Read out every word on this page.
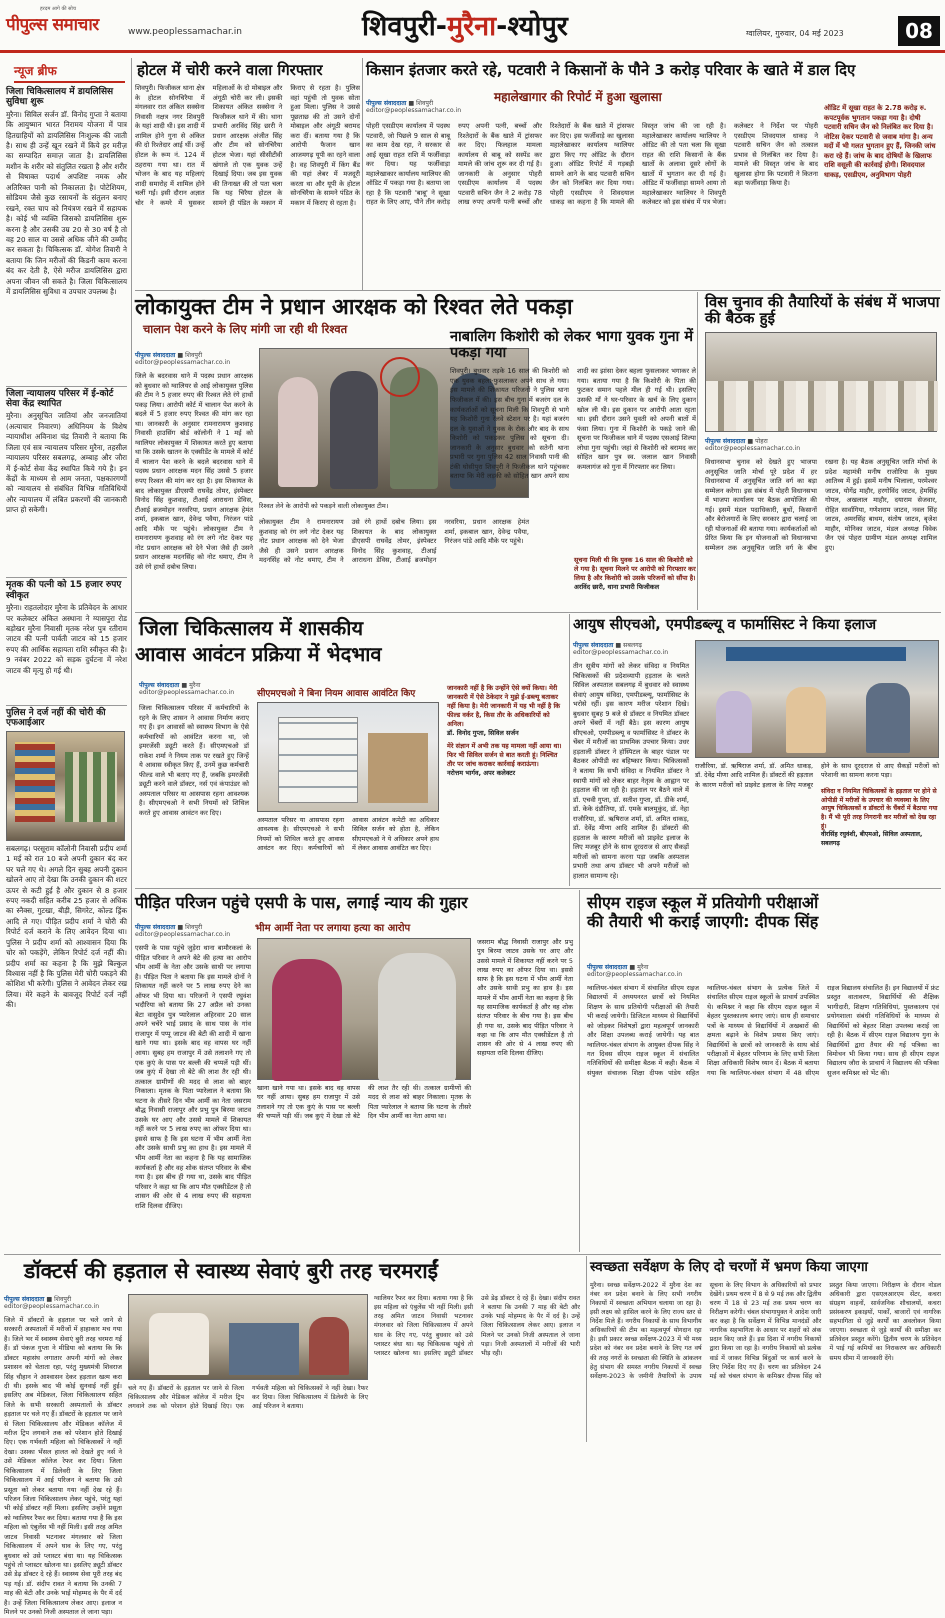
हरदम आगे की सोच
पीपुल्स समाचार	www.peoplessamachar.in	शिवपुरी-मुरैना-श्योपुर	ग्वालियर, गुरुवार, 04 मई 2023	08
न्यूज ब्रीफ
जिला चिकित्सालय में डायलिसिस सुविधा शुरू
मुरैना। सिविल सर्जन डॉ. विनोद गुप्ता ने बताया कि आयुष्मान भारत निरामय योजना में पात्र हितग्राहियों को डायलिसिस निःशुल्क की जाती है। साथ ही उन्हें खून रखने में किये हर मरीज़ का सम्पादित समाज़ जाता है। डायलिसिस मशीन के शरीर को संतुलित रखता है और शरीर से विषाक्त पदार्थ अपशिष्ट नमक और अतिरिक्त पानी को निकालता है। पोटेशियम, सोडियम जैसे कुछ रसायनों के संतुलन बनाए रखने, रक्त चाप को नियंत्रण रखने में सहायक है। कोई भी व्यक्ति जिसको डायलिसिस शुरू करना है और उसकी उम्र 20 से 30 वर्ष है तो वह 20 साल या उससे अधिक जीने की उम्मीद कर सकता है। चिकित्सक डॉ. योगेश तिवारी ने बताया कि जिन मरीजों की किडनी काम करना बंद कर देती है, ऐसे मरीज डायलिसिस द्वारा अपना जीवन जी सकते है। जिला चिकित्सालय में डायलिसिस सुविधा व उपचार उपलब्ध है।
जिला न्यायालय परिसर में ई-कोर्ट सेवा केंद्र स्थापित
मुरैना। अनुसूचित जातियां और जनजातियां (अत्याचार निवारण) अधिनियम के विशेष न्यायाधीश अविनाश चंद्र तिवारी ने बताया कि जिला एवं सत्र न्यायालय परिसर मुरैना, तहसील न्यायालय परिसर सबलगढ़, अम्बाह और जौरा में ई-कोर्ट सेवा केंद्र स्थापित किये गये है। इन केंद्रों के माध्यम से आम जनता, पक्षकारगणों को न्यायालय से संबंधित विभिन्न गतिविधियों और न्यायालय में लंबित प्रकरणों की जानकारी प्राप्त हो सकेगी।
मृतक की पत्नी को 15 हजार रुपए स्वीकृत
मुरैना। राहतलोदार मुरैना के प्रतिवेदन के आधार पर कलेक्टर अंकित अस्थाना ने ग्यासपुरा रोड बड़ोखर मुरैना निवासी मृतक नरेश पुत्र रतीराम जाटव की पत्नी पार्वती जाटव को 15 हजार रुपए की आर्थिक सहायता राशि स्वीकृत की है। 9 नवंबर 2022 को सड़क दुर्घटना में नरेश जाटव की मृत्यु हो गई थी।
पुलिस ने दर्ज नहीं की चोरी की एफआईआर
सबलगढ़। परसूराम कॉलोनी निवासी प्रदीप शर्मा 1 मई को रात 10 बजे अपनी दुकान बंद कर घर चले गए थे। अगले दिन सुबह अपनी दुकान खोलने आए तो देखा कि उनकी दुकान की शटर ऊपर से कटी हुई है और दुकान से 8 हजार रुपए नकदी सहित करीब 25 हजार से अधिक का स्नैक्स, गुटखा, बीड़ी, सिगरेट, कोल्ड ड्रिंक आदि ले गए। पीड़ित प्रदीप शर्मा ने चोरी की रिपोर्ट दर्ज कराने के लिए आवेदन दिया था। पुलिस ने प्रदीप शर्मा को आश्वासन दिया कि चोर को पकड़ेंगे, लेकिन रिपोर्ट दर्ज नहीं की। प्रदीप शर्मा का कहना है कि मुझे बिल्कुल विश्वास नहीं है कि पुलिस मेरी चोरी पकड़ने की कोशिश भी करेगी। पुलिस ने आवेदन लेकर रख लिया। मेरे कहने के बावजूद रिपोर्ट दर्ज नहीं की।
होटल में चोरी करने वाला गिरफ्तार
शिवपुरी। फिजीकल थाना क्षेत्र के होटल सोनचिरैया में मंगलवार रात अंकित सक्सेना निवासी नक्षत्र नगर शिवपुरी के यहां शादी थी। इस शादी में शामिल होने गुना से अंकित की दो रिश्तेदार आई थीं। उन्हें होटल के रूम नं. 124 में ठहराया गया था। रात में भोजन के बाद यह महिलाएं शादी समारोह में शामिल होने चलीं गईं। इसी दौरान अज्ञात चोर ने कमरे में घुसकर महिलाओं के दो मोबाइल और अंगूठी चोरी कर ली। इसकी शिकायत अंकित सक्सेना ने फिजीकल थाने में की। थाना प्रभारी अरविंद सिंह छारी ने प्रधान आरक्षक अंजीत सिंह और टीम को सोनचिरैया होटल भेजा। यहां सीसीटीवी खंगाले तो एक युवक उन्हें दिखाई दिया। जब इस युवक की तिनाख्त की तो पता चला कि यह चिरैया होटल के सामने ही पंडित के मकान में किराए से रहता है। पुलिस वहां पहुंची तो युवक सोता हुआ मिला। पुलिस ने उससे पूछताछ की तो उसने दोनों मोबाइल और अंगूठी बरामद करा दीं। बताया गया है कि आरोपी फैजान खान आजमगढ़ यूपी का रहने वाला है। वह शिवपुरी में किंग बैंड की यहां लेबर में मजदूरी करता था और यूपी के होटल सोनचिरैया के सामने पंडित के मकान में किराए से रहता है।
किसान इंतजार करते रहे, पटवारी ने किसानों के पौने 3 करोड़ परिवार के खाते में डाल दिए
पीपुल्स संवाददाता ■ शिवपुरी
editor@peoplessamachar.co.in
महालेखागार की रिपोर्ट में हुआ खुलासा
पोहरी एसडीएम कार्यालय में पदस्थ पटवारी, जो पिछले 9 साल से बाबू का काम देख रहा, ने सरकार से आई सूखा राहत राशि में फर्जीवाड़ा कर दिया। यह फर्जीवाड़ा महालेखाकार कार्यालय ग्वालियर की ऑडिट में पकड़ा गया है। बताया जा रहा है कि पटवारी 'बाबू' ने सूखा राहत के लिए आए, पौने तीन करोड़ रुपए अपनी पत्नी, बच्चों और रिश्तेदारों के बैंक खाते में ट्रांसफर कर दिए। फिलहाल मामला कार्यालय से बाबू को सस्पेंड कर मामले की जांच शुरू कर दी गई है। जानकारी के अनुसार पोहरी एसडीएम कार्यालय में पदस्थ पटवारी सचिन जैन ने 2 करोड़ 78 लाख रुपए अपनी पत्नी बच्चों और रिश्तेदारों के बैंक खाते में ट्रांसफर कर दिए। इस फर्जीवाड़े का खुलासा महालेखाकार कार्यालय ग्वालियर द्वारा किए गए ऑडिट के दौरान हुआ। ऑडिट रिपोर्ट में गड़बड़ी सामने आने के बाद पटवारी सचिन जैन को निलंबित कर दिया गया। पोहरी एसडीएम ने शिवदयाल धाकड़ का कहना है कि मामले की विस्तृत जांच की जा रही है। महालेखाकार कार्यालय ग्वालियर ने ऑडिट की तो पता चला कि सूखा राहत की राशि किसानों के बैंक खातों के अलावा दूसरे लोगों के खातों में भुगतान कर दी गई है। ऑडिट में फर्जीवाड़ा सामने आया तो महालेखाकार ग्वालियर ने शिवपुरी कलेक्टर को इस संबंध में पत्र भेजा। कलेक्टर ने निर्देश पर पोहरी एसडीएम शिवदयाल धाकड़ ने पटवारी सचिन जैन को तत्काल प्रभाव से निलंबित कर दिया है। मामले की विस्तृत जांच के बाद खुलासा होगा कि पटवारी ने कितना बड़ा फर्जीवाड़ा किया है।
ऑडिट में सूखा राहत के 2.78 करोड़ रु. कपटपूर्वक भुगतान पकड़ा गया है। दोषी पटवारी सचिन जैन को निलंबित कर दिया है। नोटिस देकर पटवारी से जवाब मांगा है। अन्य मदों में भी गलत भुगतान हुए हैं, जिनकी जांच करा रहे हैं। जांच के बाद दोषियों के खिलाफ राशि वसूली की कार्रवाई होगी। शिवदयाल धाकड़, एसडीएम, अनुविभाग पोहरी
लोकायुक्त टीम ने प्रधान आरक्षक को रिश्वत लेते पकड़ा
चालान पेश करने के लिए मांगी जा रही थी रिश्वत
पीपुल्स संवाददाता ■ शिवपुरी
editor@peoplessamachar.co.in
जिले के बदरवास थाने में पदस्थ प्रधान आरक्षक को बुधवार को ग्वालियर से आई लोकायुक्त पुलिस की टीम ने 5 हजार रुपए की रिश्वत लेते रंगे हाथों पकड़ लिया। आरोपी कोर्ट में चालान पेश करने के बदले में 5 हजार रुपए रिश्वत की मांग कर रहा था। जानकारी के अनुसार रामनारायण कुशवाह निवासी हाउसिंग बोर्ड कॉलोनी ने 1 मई को ग्वालियर लोकायुक्त में शिकायत करते हुए बताया था कि उसके खातन के एक्सीडेंट के मामले में कोर्ट में चालान पेश करने के बदले बदरवास थाने में पदस्थ प्रधान आरक्षक मदन सिंह उससे 5 हजार रुपए रिश्वत की मांग कर रहा है। इस शिकायत के बाद लोकायुक्त डीएसपी राघवेंद्र तोमर, इंस्पेक्टर विनोद सिंह कुशवाह, टीआई आराधना डेविस, टीआई ब्रजमोहन नरवरिया, प्रधान आरक्षक हेमंत शर्मा, इकबाल खान, देवेन्द्र पवैया, निरंजन पांडे आदि मौके पर पहुंचे। लोकायुक्त टीम ने रामनारायण कुशवाह को रंग लगे नोट देकर यह नोट प्रधान आरक्षक को देने भेजा जैसे ही उसने प्रधान आरक्षक मदनसिंह को नोट थमाए, टीम ने उसे रंगे हाथों दबोच लिया।
रिश्वत लेने के आरोपी को पकड़ने वाली लोकायुक्त टीम।
लोकायुक्त टीम ने रामनारायण कुशवाह को रंग लगे नोट देकर यह नोट प्रधान आरक्षक को देने भेजा जैसे ही उसने प्रधान आरक्षक मदनसिंह को नोट थमाए, टीम ने उसे रंगे हाथों दबोच लिया। इस शिकायत के बाद लोकायुक्त डीएसपी राघवेंद्र तोमर, इंस्पेक्टर विनोद सिंह कुशवाह, टीआई आराधना डेविस, टीआई ब्रजमोहन नरवरिया, प्रधान आरक्षक हेमंत शर्मा, इकबाल खान, देवेन्द्र पवैया, निरंजन पांडे आदि मौके पर पहुंचे।
नाबालिग किशोरी को लेकर भागा युवक गुना में पकड़ा गया
शिवपुरी। बुधवार तड़के 16 साल की किशोरी को एक युवक बहला-फुसलाकर अपने साथ ले गया। इस मामले की शिकायत परिजनों ने पुलिस थाना फिजीकल में की। इस बीच गुना में बजरंग दल के कार्यकर्ताओं को सूचना मिली कि शिवपुरी से भागे यह किशोरी गुना रेलवे स्टेशन पर है। यहां बजरंग दल के युवाओं ने युवक के रोक और बाद के साथ किशोरी को पकड़कर पुलिस को सूचना दी। जानकारी के अनुसार बुधवार को सतेनी थाना प्रभारी पर गुना पुलिस 42 साल निवासी पानी की टंकी घोसीपुरा शिवपुरी ने फिजीकल थाने पहुंचकर बताया कि मेरी लड़की को सोहित खान अपने साथ शादी का झांसा देकर बहला फुसलाकर भगाकर ले गया। बताया गया है कि किशोरी के पिता की फुटकर समान पहले मील ही गई थी। इसलिए उसकी माँ ने घर-परिवार के खर्च के लिए दुकान खोल ली थी। इस दुकान पर आरोपी आता रहता था। इसी दौरान उसने युवती को अपनी बातों में फंसा लिया। गुना में किशोरी के पकड़े जाने की सूचना पर फिजीकल थाने में पदस्थ एसआई शिल्पा लोधा गुना पहुंची। जहां से किशोरी को बरामद कर सोहित खान पुत्र स्व. जलाल खान निवासी कमलागंज को गुना में गिरफ्तार कर लिया।
सूचना मिली थी कि युवक 16 साल की किशोरी को ले गया है। सूचना मिलने पर आरोपी को गिरफ्तार कर लिया है और किशोरी को उसके परिजनों को सौंपा है।
अरविंद छारी, थाना प्रभारी फिजीकल
विस चुनाव की तैयारियों के संबंध में भाजपा की बैठक हुई
पीपुल्स संवाददाता ■ पोहरा
editor@peoplessamachar.co.in
विधानसभा चुनाव को देखते हुए भाजपा अनुसूचित जाति मोर्चा पूरे प्रदेश में हर विधानसभा में अनुसूचित जाति वर्ग का बड़ा सम्मेलन करेगा। इस संबंध में पोहरी विधानसभा में भाजपा कार्यालय पर बैठक आयोजित की गई। इसमें मंडल पदाधिकारी, बूथों, किसानों और बेरोजगारों के लिए सरकार द्वारा चलाई जा रही योजनाओं की बताया गया। कार्यकर्ताओं को प्रेरित किया कि इन योजनाओं को विधानसभा सम्मेलन तक अनुसूचित जाति वर्ग के बीच रखना है। यह बैठक अनुसूचित जाति मोर्चा के प्रदेश महामंत्री मनीष राजोरिया के मुख्य आतिथ्य में हुई। इसमें मनीष भिलाला, परमेश्वर जाटव, योगेंद्र माहौर, हरगोविंद जाटव, हेमसिंह गोयल, अखलाल माहौर, दयाराम सेजवार, रोहित सार्वागिया, गणेशराम जाटव, नवल सिंह जाटव, अमरसिंह बाथम, संतोष जाटव, बृजेश माहौर, मोनिका जाटव, मंडल अध्यक्ष विवेक जैन एवं पोहरा ग्रामीण मंडल अध्यक्ष शामिल हुए।
जिला चिकित्सालय में शासकीय
आवास आवंटन प्रक्रिया में भेदभाव
पीपुल्स संवाददाता ■ मुरैना
editor@peoplessamachar.co.in	सीएमएचओ ने बिना नियम आवास आवंटित किए
जिला चिकित्सालय परिसर में कर्मचारियों के रहने के लिए शासन ने आवास निर्माण कराए गए हैं। इन आवासों को स्वास्थ्य विभाग के ऐसे कर्मचारियों को आवंटित करना था, जो इमरजेंसी ड्यूटी करते हैं। सीएमएचओ डॉ राकेश शर्मा ने नियम ताक पर रखते हुए जिन्हें ये आवास स्वीकृत किए हैं, उनमें कुछ कर्मचारी फील्ड वाले भी बताए गए हैं, जबकि इमरजेंसी ड्यूटी करने वाले डॉक्टर, नर्स एवं कंपाउंडर को अस्पताल परिसर या आसपास रहना आवश्यक है। सीएमएचओ ने सभी नियमों को शिथिल करते हुए आवास आवंटन कर दिए।
अस्पताल परिसर या आसपास रहना आवश्यक है। सीएमएचओ ने सभी नियमों को शिथिल करते हुए आवास आवंटन कर दिए। कर्मचारियों को आवास आवंटन कमेटी का अधिकार सिविल सर्जन को होता है, लेकिन सीएमएचओ ने ये अधिकार अपने हाथ में लेकर आवास आवंटित कर दिए।
जानकारी नहीं है कि उन्होंने ऐसे क्यों किया। मेरी जानकारी में ऐसे ठेकेदार ने मुझे ई-डब्ल्यू बताकर नहीं किया है। मेरी जानकारी में यह भी नहीं है कि फील्ड वर्कर है, किस तौर के अधिकारियों को अनिल।
डॉ. विनोद गुप्ता, सिविल सर्जन
मेरे संज्ञान में अभी तक यह मामला नहीं आया था। फिर भी सिविल सर्जन से बात करती हूं। निश्चित तौर पर जांच कराकर कार्रवाई कराऊंगा।
नरोत्तम भार्गव, अपर कलेक्टर
आयुष सीएचओ, एमपीडब्ल्यू व फार्मासिस्ट ने किया इलाज
पीपुल्स संवाददाता ■ सबलगढ़
editor@peoplessamachar.co.in
तीन सूत्रीय मांगों को लेकर संविदा व नियमित चिकित्सकों की प्रदेशव्यापी हड़ताल के चलते सिविल अस्पताल सबलगढ़ में बुधवार को स्वास्थ्य सेवाएं आयुष संविदा, एमपीडब्ल्यू, फार्मासिस्ट के भरोसे रहीं। इस कारण मरीज परेशान दिखे। बुधवार सुबह 9 बजे से डॉक्टर व नियमित डॉक्टर अपने चेंबरों में नहीं बैठे। इस कारण आयुष सीएचओ, एमपीडब्ल्यू व फार्मासिस्ट ने डॉक्टर के चेंबर में मरीजों का प्राथमिक उपचार किया। उधर हड़ताली डॉक्टर ने हॉस्पिटल के बाहर पंडाल पर बैठकर ओपीडी का बहिष्कार किया। चिकित्सकों ने बताया कि सभी संविदा व नियमित डॉक्टर ने स्थायी मांगों को लेकर बाहर नेतृत्व के आह्वान पर हड़ताल की जा रही है। हड़ताल पर बैठने वाले में डॉ. एचवी गुप्ता, डॉ. सतीश गुप्ता, डॉ. डीके शर्मा, डॉ. केके दंडौतिया, डॉ. एमके बालमुकुंद, डॉ. नेहा राजौरिया, डॉ. ऋषिराज शर्मा, डॉ. अमित धाकड़, डॉ. देवेंद्र मीणा आदि शामिल हैं। डॉक्टरों की हड़ताल के कारण मरीजों को प्राइवेट इलाज के लिए मजबूर होने के साथ दूरदराज से आए सैकड़ों मरीजों को सामना करना पड़ा जबकि अस्पताल प्रभारी तथा अन्य डॉक्टर भी अपने मरीजों को हालात सामान्य रहे।
राजौरिया, डॉ. ऋषिराज शर्मा, डॉ. अमित धाकड़, डॉ. देवेंद्र मीणा आदि शामिल हैं। डॉक्टरों की हड़ताल के कारण मरीजों को प्राइवेट इलाज के लिए मजबूर होने के साथ दूरदराज से आए सैकड़ों मरीजों को परेशानी का सामना करना पड़ा।
संविदा व नियमित चिकित्सकों के हड़ताल पर होने से ओपीडी में मरीजों के उपचार की व्यवस्था के लिए आयुष चिकित्सकों व डॉक्टरों के चैंबरों में बैठाया गया है। मैं भी पूरी तरह निगरानी कर मरीजों को देख रहा हूं।
वीरसिंह रघुवंशी, बीएमओ, सिविल अस्पताल, सबलगढ़
पीड़ित परिजन पहुंचे एसपी के पास, लगाई न्याय की गुहार
पीपुल्स संवाददाता ■ शिवपुरी
editor@peoplessamachar.co.in
भीम आर्मी नेता पर लगाया हत्या का आरोप
एसपी के पास पहुंचे जुड़ेरा थाना बामौरकलां के पीड़ित परिवार ने अपने बेटे की हत्या का आरोप भीम आर्मी के नेता और उसके साथी पर लगाया है। पीड़ित पिता ने बताया कि इस मामले दोनों ने शिकायत नहीं करने पर 5 लाख रुपए देने का ऑफर भी दिया था। परिजनों ने एसपी रघुवंश भदौरिया को बताया कि 27 अप्रैल को उनका बेटा वासुदेव पुत्र प्यारेलाल अहिरवार 20 साल अपने चचेरे भाई प्रसाद के साथ पास के गांव राजापुर में पप्पू जाटव की बेटी की शादी में खाना खाने गया था। इसके बाद वह वापस घर नहीं आया। सुबह हम राजापुर में उसे तलाशने गए तो एक कुएं के पास पर बल्ली की चप्पलें पड़ी थीं। जब कुएं में देखा तो बेटे की लाश तैर रही थी। तत्काल ग्रामीणों की मदद से लाश को बाहर निकाला। मृतक के पिता प्यारेलाल ने बताया कि घटना के तीसरे दिन भीम आर्मी का नेता जसराम बौद्ध निवासी राजापुर और प्रभु पुत्र बिरमा जाटव उसके घर आए और उससे मामले में शिकायत नहीं करने पर 5 लाख रुपए का ऑफर दिया था। इससे साफ है कि इस घटना में भीम आर्मी नेता और उसके साथी प्रभु का हाथ है। इस मामले में भीम आर्मी नेता का कहना है कि यह सामाजिक कार्यकर्ता है और वह शोक संतप्त परिवार के बीच गया है। इस बीच ही गया था, उसके बाद पीड़ित परिवार ने कहा था कि आप मौत एक्सीडेंटल है तो शासन की ओर से 4 लाख रुपए की सहायता राशि दिलवा दीजिए।
खाना खाने गया था। इसके बाद वह वापस घर नहीं आया। सुबह हम राजापुर में उसे तलाशने गए तो एक कुएं के पास पर बल्ली की चप्पलें पड़ी थीं। जब कुएं में देखा तो बेटे की लाश तैर रही थी। तत्काल ग्रामीणों की मदद से लाश को बाहर निकाला। मृतक के पिता प्यारेलाल ने बताया कि घटना के तीसरे दिन भीम आर्मी का नेता आया था।
जसराम बौद्ध निवासी राजापुर और प्रभु पुत्र बिरमा जाटव उसके घर आए और उससे मामले में शिकायत नहीं करने पर 5 लाख रुपए का ऑफर दिया था। इससे साफ है कि इस घटना में भीम आर्मी नेता और उसके साथी प्रभु का हाथ है। इस मामले में भीम आर्मी नेता का कहना है कि यह सामाजिक कार्यकर्ता है और वह शोक संतप्त परिवार के बीच गया है। इस बीच ही गया था, उसके बाद पीड़ित परिवार ने कहा था कि आप मौत एक्सीडेंटल है तो शासन की ओर से 4 लाख रुपए की सहायता राशि दिलवा दीजिए।
सीएम राइज स्कूल में प्रतियोगी परीक्षाओं
की तैयारी भी कराई जाएगी: दीपक सिंह
पीपुल्स संवाददाता ■ मुरैना
editor@peoplessamachar.co.in
ग्वालियर-चंबल संभाग में संचालित सीएम राइज विद्यालयों में अध्ययनरत छात्रों को नियमित शिक्षण के साथ प्रतियोगी परीक्षाओं की तैयारी भी कराई जायेगी। डिजिटल माध्यम से विद्यार्थियों को जोड़कर विशेषज्ञों द्वारा महत्वपूर्ण जानकारी और शिक्षा उपलब्ध कराई जायेगी। यह बात ग्वालियर-चंबल संभाग के आयुक्त दीपक सिंह ने गत दिवस सीएम राइज स्कूल में संचालित गतिविधियों की समीक्षा बैठक में कही। बैठक में संयुक्त संचालक शिक्षा दीपक पांडेय सहित ग्वालियर-चंबल संभाग के प्रत्येक जिले में संचालित सीएम राइज स्कूलों के प्राचार्य उपस्थित थे। कमिश्नर ने कहा कि सीएम राइज स्कूल में बेहतर पुस्तकालय बनाए जाएं। साथ ही समाचार पत्रों के माध्यम से विद्यार्थियों में अखबारों की क्षमता बढ़ाने के विशेष प्रयास किए जाएं। विद्यार्थियों के छात्रों को जानकारी के साथ बोर्ड परीक्षाओं में बेहतर परिणाम के लिए सभी जिला शिक्षा अधिकारी विशेष ध्यान दें। बैठक में बताया गया कि ग्वालियर-चंबल संभाग में 48 सीएम राइज विद्यालय संचालित हैं। इन विद्यालयों में फ्रंट प्रस्तुत वातावरण, विद्यार्थियों की शैक्षिक भागीदारी, शिक्षण गतिविधियां, पुस्तकालय एवं प्रयोगशाला संबंधी गतिविधियों के माध्यम से विद्यार्थियों को बेहतर शिक्षा उपलब्ध कराई जा रही है। बैठक में सीएम राइज विद्यालय गुना के विद्यार्थियों द्वारा तैयार की गई पत्रिका का विमोचन भी किया गया। साथ ही सीएम राइज विद्यालय जौरा के प्राचार्य ने विद्यालय की पत्रिका सुजन कमिश्नर को भेंट की।
डॉक्टर्स की हड़ताल से स्वास्थ्य सेवाएं बुरी तरह चरमराईं
पीपुल्स संवाददाता ■ शिवपुरी
editor@peoplessamachar.co.in
जिले में डॉक्टरों के हड़ताल पर चले जाने से सरकारी अस्पतालों में मरीजों में हाहाकार मच गया है। जिले भर में स्वास्थ्य सेवाएं बुरी तरह चरमरा गई हैं। डॉ पंकज गुप्ता ने मीडिया को बताया कि कि डॉक्टर महासंघ लगातार अपनी मांगों को लेकर प्रशासन को चेताता रहा, परंतु मुख्यमंत्री शिवराज सिंह चौहान ने आश्वासन देकर हड़ताल खत्म करा दी थी। इसके बाद भी कोई सुनवाई नहीं हुई। इसलिए अब मेडिकल, जिला चिकित्सालय सहित जिले के सभी सरकारी अस्पतालों के डॉक्टर हड़ताल पर चले गए हैं। डॉक्टरों के हड़ताल पर जाने से जिला चिकित्सालय और मेडिकल कॉलेज में मरीज ट्रिप लगवाने तक को परेशान होते दिखाई दिए। एक गर्भवती महिला को चिकित्सकों ने नहीं देखा। उसका भँसल हालत को देखते हुए नर्स ने उसे मेडिकल कॉलेज रेफर कर दिया। जिला चिकित्सालय में डिलेवरी के लिए जिला चिकित्सालय में आई परिजन ने बताया कि उसे प्रसूता को लेकर बताया गया नहीं देख रहे हैं। परिजन जिला चिकित्सालय लेकर पहुंचे, परंतु यहां भी कोई डॉक्टर नहीं मिला। इसलिए उन्होंने प्रसूता को ग्वालियर रैफर कर दिया। बताया गया है कि इस महिला को एंबुलेंस भी नहीं मिली। इसी तरह अमित जाटव निवासी भटनावर मंगलवार को जिला चिकित्सालय में अपने घाव के लिए गए, परंतु बुधवार को उसे प्लास्टर बंधा था। यह चिकित्सक पहुंचे तो प्लास्टर खोलना था। इसलिए ड्यूटी डॉक्टर उसे डेढ़ डॉक्टर दे रहे हैं। स्वास्थ्य सेवा पूरी तरह बंद पड़ गई। डॉ. संदीप रावत ने बताया कि उनकी 7 माह की बेटी और उनके भाई मोहम्मद के पैर में दर्द है। उन्हें जिला चिकित्सालय लेकर आए। इलाज न मिलने पर उनको निजी अस्पताल ले जाना पड़ा।
चले गए हैं। डॉक्टरों के हड़ताल पर जाने से जिला चिकित्सालय और मेडिकल कॉलेज में मरीज ट्रिप लगवाने तक को परेशान होते दिखाई दिए। एक गर्भवती महिला को चिकित्सकों ने नहीं देखा। रैफर कर दिया। जिला चिकित्सालय में डिलेवरी के लिए आई परिजन ने बताया।
ग्वालियर रैफर कर दिया। बताया गया है कि इस महिला को एंबुलेंस भी नहीं मिली। इसी तरह अमित जाटव निवासी भटनावर मंगलवार को जिला चिकित्सालय में अपने घाव के लिए गए, परंतु बुधवार को उसे प्लास्टर बंधा था। यह चिकित्सक पहुंचे तो प्लास्टर खोलना था। इसलिए ड्यूटी डॉक्टर उसे डेढ़ डॉक्टर दे रहे हैं। देखा। संदीप रावत ने बताया कि उनकी 7 माह की बेटी और उनके भाई मोहम्मद के पैर में दर्द है। उन्हें जिला चिकित्सालय लेकर आए। इलाज न मिलने पर उनको निजी अस्पताल ले जाना पड़ा। निजी अस्पतालों में मरीजों की भारी भीड़ रही।
स्वच्छता सर्वेक्षण के लिए दो चरणों में भ्रमण किया जाएगा
मुरैना। स्वच्छ सर्वेक्षण-2022 में मुरैना देश का नंबर वन प्रदेश बनाने के लिए सभी नगरीय निकायों में स्वच्छता अभियान चलाया जा रहा है। इसी लक्ष्य को हासिल करने के लिए राज्य स्तर से निर्देश मिले हैं। नगरीय निकायों के साथ विभागीय अधिकारियों की टीम का महत्वपूर्ण योगदान रहा है। इसी प्रकार स्वच्छ सर्वेक्षण-2023 में भी मध्य प्रदेश को नंबर वन प्रदेश बनाने के लिए गत वर्ष की तरह नगरों के स्वच्छता की स्थिति के आंकलन हेतु संभाग की समस्त नगरीय निकायों में स्वच्छ सर्वेक्षण-2023 के जमीनी तैयारियों के उपाय सूचना के लिए विभाग के अधिकारियों को प्रभार देखेंगे। प्रथम चरण में 8 से 9 मई तक और द्वितीय चरण में 18 से 23 मई तक प्रथम चरण का निरीक्षण करेगी। चंबल संभागायुक्त ने आदेश जारी कर कहा है कि सर्वेक्षण में विभिन्न मानदंडों और नागरिक सहभागिता के आधार पर शहरों को अंक प्रदान किए जाते हैं। इस दिशा में नगरीय निकायों द्वारा किया जा रहा है। नगरीय निकायों को प्रत्येक वार्ड में जाकर विभिन्न बिंदुओं पर कार्य करने के लिए निर्देश दिए गए हैं। चरण का प्रतिवेदन 24 मई को चंबल संभाग के कमिश्नर दीपक सिंह को प्रस्तुत किया जाएगा। निरीक्षण के दौरान नोडल अधिकारी द्वारा एसएलआरएम सेंटर, कचरा संग्रहण वाहनों, सार्वजनिक शौचालयों, कचरा प्रसंस्करण इकाइयों, पार्कों, बाजारों एवं नागरिक सहभागिता से जुड़े कार्यों का अवलोकन किया जाएगा। स्वच्छता से जुड़े कार्यों की समीक्षा कर प्रतिवेदन प्रस्तुत करेंगे। द्वितीय चरण के प्रतिवेदन में पाई गई कमियों का निराकरण कर अधिकारी समय सीमा में जानकारी देंगे।
